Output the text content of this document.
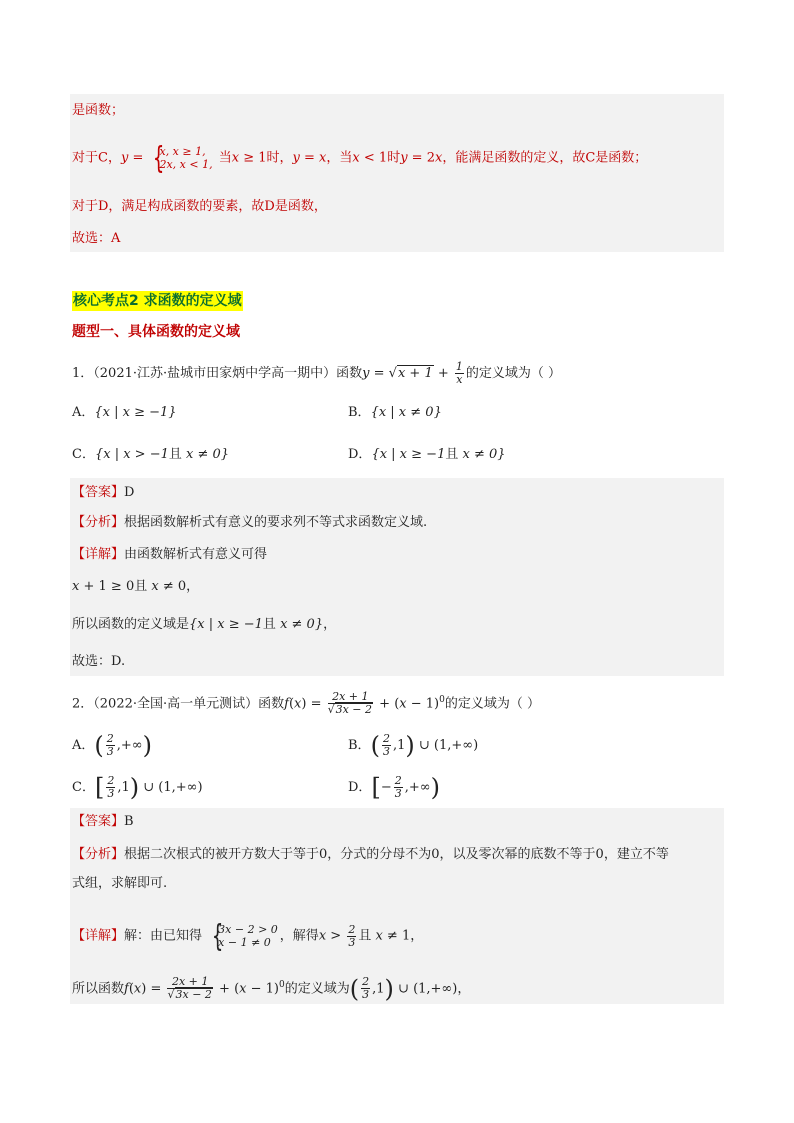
是函数；
对于C，y = {
x, x ≥ 1,
2x, x < 1, 当x ≥ 1时，y = x，当x < 1时y = 2x，能满足函数的定义，故C是函数；
对于D，满足构成函数的要素，故D是函数，
故选：A
核心考点2 求函数的定义域
题型一、具体函数的定义域
1．（2021·江苏·盐城市田家炳中学高一期中）函数$y = √x + 1 + \frac{1}{x}$ 的定义域为（ ）
A．{x | x ≥ −1}	B．{x | x ≠ 0}
C．{x | x > −1且 x ≠ 0}	D．{x | x ≥ −1且 x ≠ 0}
【答案】D
【分析】根据函数解析式有意义的要求列不等式求函数定义域.
【详解】由函数解析式有意义可得
x + 1 ≥ 0且 x ≠ 0，
所以函数的定义域是{x | x ≥ −1且 x ≠ 0}，
故选：D.
2．（2022·全国·高一单元测试）函数$f(x) = \frac{2x + 1}{√3x - 2} + (x - 1)^0$的定义域为（ ）
A．( $\frac{2}{3}$ ,+∞)	B．( $\frac{2}{3} ,1$) ∪ (1,+∞)
C．[ $\frac{2}{3} ,1$) ∪ (1,+∞)	D．[− $\frac{2}{3}$ ,+∞)
【答案】B
【分析】根据二次根式的被开方数大于等于0，分式的分母不为0，以及零次幂的底数不等于0，建立不等
式组，求解即可.
【详解】解：由已知得 {
3x − 2 > 0
x − 1 ≠ 0 ，解得$x > \frac{2}{3}$ 且 x ≠ 1，
所以函数$f(x) = \frac{2x + 1}{√3x - 2} + (x - 1)^0$的定义域为( $\frac{2}{3} ,1$) ∪ (1,+∞)，
